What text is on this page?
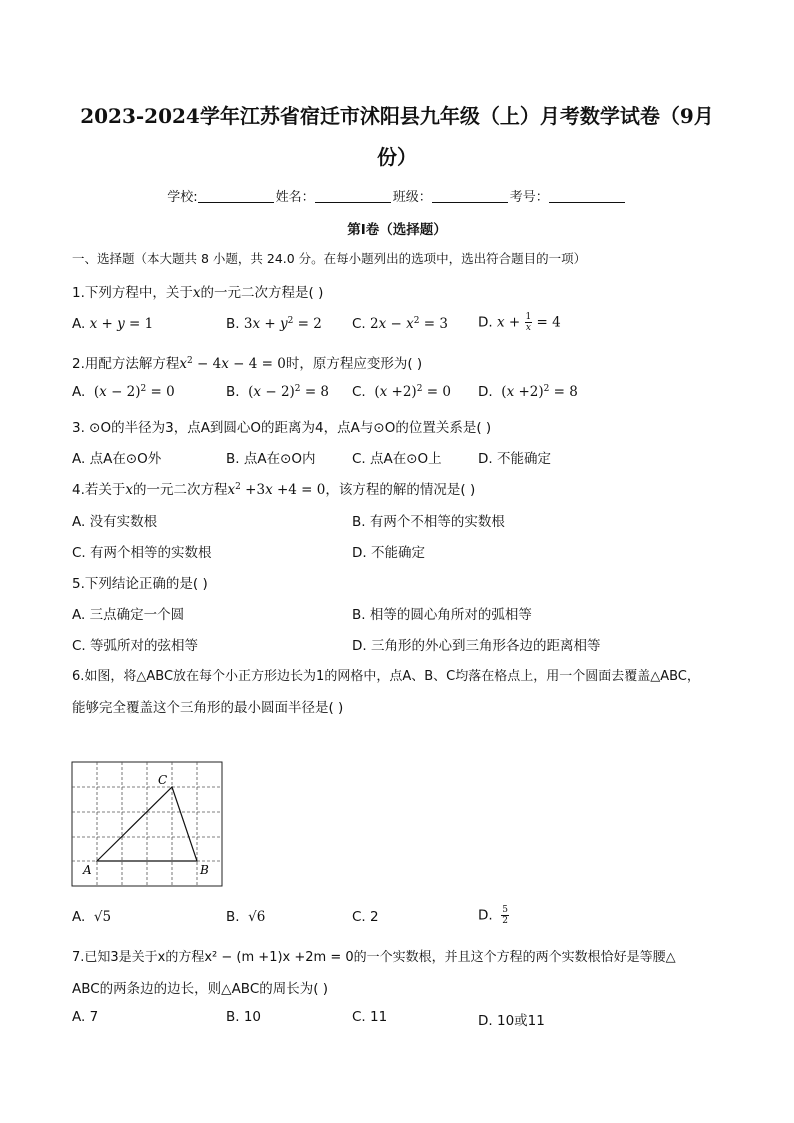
2023-2024学年江苏省宿迁市沭阳县九年级（上）月考数学试卷（9月
份）
学校:	姓名：	班级：	考号：
第Ⅰ卷（选择题）
一、选择题（本大题共 8 小题，共 24.0 分。在每小题列出的选项中，选出符合题目的一项）
1.下列方程中，关于x的一元二次方程是( )
A. x + y = 1	B. $3x + y^2 = 2$ C. $2x - x^2 = 3$ D. $x + \frac{1}{x} = 4$
2.用配方法解方程$x^2 - 4x - 4 = 0$时，原方程应变形为( )
A.  $(x - 2)^2 = 0$	B.  $(x - 2)^2 = 8$ C.  $(x +2)^2 = 0$ D.  $(x +2)^2 = 8$
3. ⊙O的半径为3，点A到圆心O的距离为4，点A与⊙O的位置关系是( )
A. 点A在⊙O外	B. 点A在⊙O内	C. 点A在⊙O上	D. 不能确定
4.若关于x的一元二次方程$x^2 +3x +4 = 0$，该方程的解的情况是( )
A. 没有实数根	B. 有两个不相等的实数根
C. 有两个相等的实数根	D. 不能确定
5.下列结论正确的是( )
A. 三点确定一个圆	B. 相等的圆心角所对的弧相等
C. 等弧所对的弦相等	D. 三角形的外心到三角形各边的距离相等
6.如图，将△ABC放在每个小正方形边长为1的网格中，点A、B、C均落在格点上，用一个圆面去覆盖△ABC，
能够完全覆盖这个三角形的最小圆面半径是( )
A	B
C
A. √5	B. √6	C. 2	D. $\frac{5}{2}$
7.已知3是关于x的方程x² − (m +1)x +2m = 0的一个实数根，并且这个方程的两个实数根恰好是等腰△
ABC的两条边的边长，则△ABC的周长为( )
A. 7	B. 10	C. 11	D. 10或11
